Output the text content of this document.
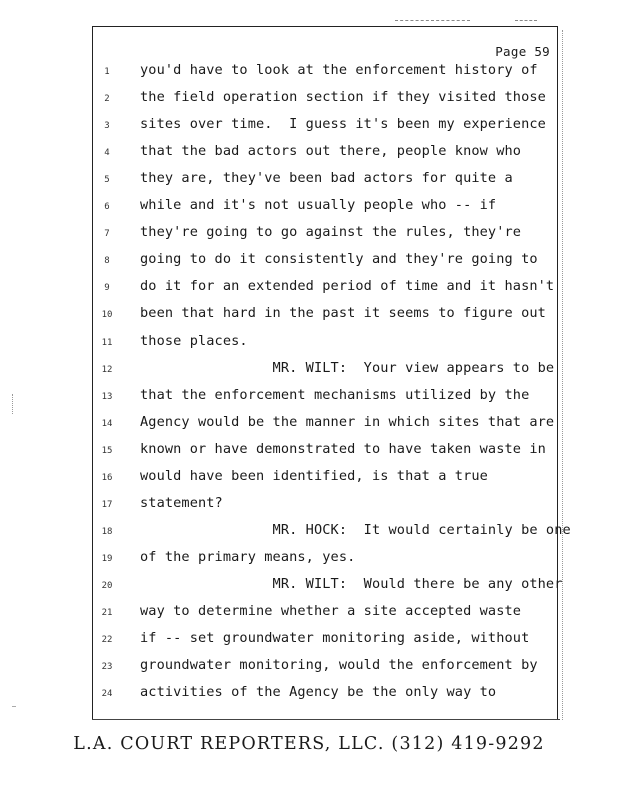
Page 59
1	you'd have to look at the enforcement history of
2	the field operation section if they visited those
3	sites over time.  I guess it's been my experience
4	that the bad actors out there, people know who
5	they are, they've been bad actors for quite a
6	while and it's not usually people who -- if
7	they're going to go against the rules, they're
8	going to do it consistently and they're going to
9	do it for an extended period of time and it hasn't
10	been that hard in the past it seems to figure out
11	those places.
12	MR. WILT:  Your view appears to be
13	that the enforcement mechanisms utilized by the
14	Agency would be the manner in which sites that are
15	known or have demonstrated to have taken waste in
16	would have been identified, is that a true
17	statement?
18	MR. HOCK:  It would certainly be one
19	of the primary means, yes.
20	MR. WILT:  Would there be any other
21	way to determine whether a site accepted waste
22	if -- set groundwater monitoring aside, without
23	groundwater monitoring, would the enforcement by
24	activities of the Agency be the only way to
L.A. COURT REPORTERS, LLC. (312) 419-9292
